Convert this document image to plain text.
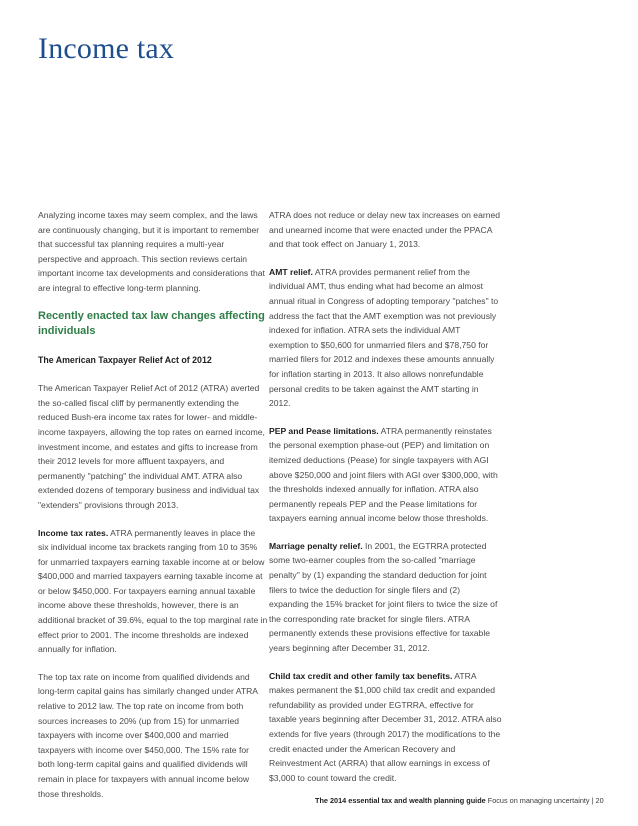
Income tax

Analyzing income taxes may seem complex, and the laws are continuously changing, but it is important to remember that successful tax planning requires a multi-year perspective and approach. This section reviews certain important income tax developments and considerations that are integral to effective long-term planning.

Recently enacted tax law changes affecting individuals
The American Taxpayer Relief Act of 2012

The American Taxpayer Relief Act of 2012 (ATRA) averted the so-called fiscal cliff by permanently extending the reduced Bush-era income tax rates for lower- and middle-income taxpayers, allowing the top rates on earned income, investment income, and estates and gifts to increase from their 2012 levels for more affluent taxpayers, and permanently "patching" the individual AMT. ATRA also extended dozens of temporary business and individual tax "extenders" provisions through 2013.

Income tax rates. ATRA permanently leaves in place the six individual income tax brackets ranging from 10 to 35% for unmarried taxpayers earning taxable income at or below $400,000 and married taxpayers earning taxable income at or below $450,000. For taxpayers earning annual taxable income above these thresholds, however, there is an additional bracket of 39.6%, equal to the top marginal rate in effect prior to 2001. The income thresholds are indexed annually for inflation.

The top tax rate on income from qualified dividends and long-term capital gains has similarly changed under ATRA relative to 2012 law. The top rate on income from both sources increases to 20% (up from 15) for unmarried taxpayers with income over $400,000 and married taxpayers with income over $450,000. The 15% rate for both long-term capital gains and qualified dividends will remain in place for taxpayers with annual income below those thresholds.

ATRA does not reduce or delay new tax increases on earned and unearned income that were enacted under the PPACA and that took effect on January 1, 2013.

AMT relief. ATRA provides permanent relief from the individual AMT, thus ending what had become an almost annual ritual in Congress of adopting temporary "patches" to address the fact that the AMT exemption was not previously indexed for inflation. ATRA sets the individual AMT exemption to $50,600 for unmarried filers and $78,750 for married filers for 2012 and indexes these amounts annually for inflation starting in 2013. It also allows nonrefundable personal credits to be taken against the AMT starting in 2012.

PEP and Pease limitations. ATRA permanently reinstates the personal exemption phase-out (PEP) and limitation on itemized deductions (Pease) for single taxpayers with AGI above $250,000 and joint filers with AGI over $300,000, with the thresholds indexed annually for inflation. ATRA also permanently repeals PEP and the Pease limitations for taxpayers earning annual income below those thresholds.

Marriage penalty relief. In 2001, the EGTRRA protected some two-earner couples from the so-called "marriage penalty" by (1) expanding the standard deduction for joint filers to twice the deduction for single filers and (2) expanding the 15% bracket for joint filers to twice the size of the corresponding rate bracket for single filers. ATRA permanently extends these provisions effective for taxable years beginning after December 31, 2012.

Child tax credit and other family tax benefits. ATRA makes permanent the $1,000 child tax credit and expanded refundability as provided under EGTRRA, effective for taxable years beginning after December 31, 2012. ATRA also extends for five years (through 2017) the modifications to the credit enacted under the American Recovery and Reinvestment Act (ARRA) that allow earnings in excess of $3,000 to count toward the credit.

The 2014 essential tax and wealth planning guide Focus on managing uncertainty | 20
